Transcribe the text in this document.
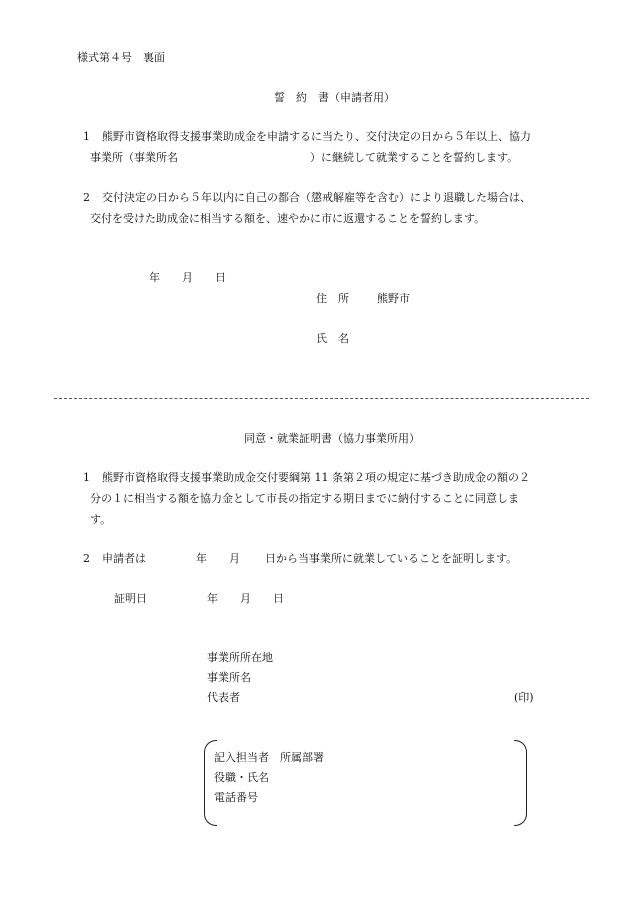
様式第４号　裏面
誓　約　書（申請者用）
1 熊野市資格取得支援事業助成金を申請するに当たり、交付決定の日から５年以上、協力
事業所（事業所名　　　　　　　　　　　　）に継続して就業することを誓約します。
2 交付決定の日から５年以内に自己の都合（懲戒解雇等を含む）により退職した場合は、
交付を受けた助成金に相当する額を、速やかに市に返還することを誓約します。
年　　月　　日
住　所	熊野市
氏　名
同意・就業証明書（協力事業所用）
1 熊野市資格取得支援事業助成金交付要綱第 11 条第２項の規定に基づき助成金の額の２
分の１に相当する額を協力金として市長の指定する期日までに納付することに同意しま
す。
2 申請者は	年　　月 日から当事業所に就業していることを証明します。
証明日	年　　月　　日
事業所所在地
事業所名
代表者	(印)
記入担当者　所属部署
役職・氏名
電話番号
